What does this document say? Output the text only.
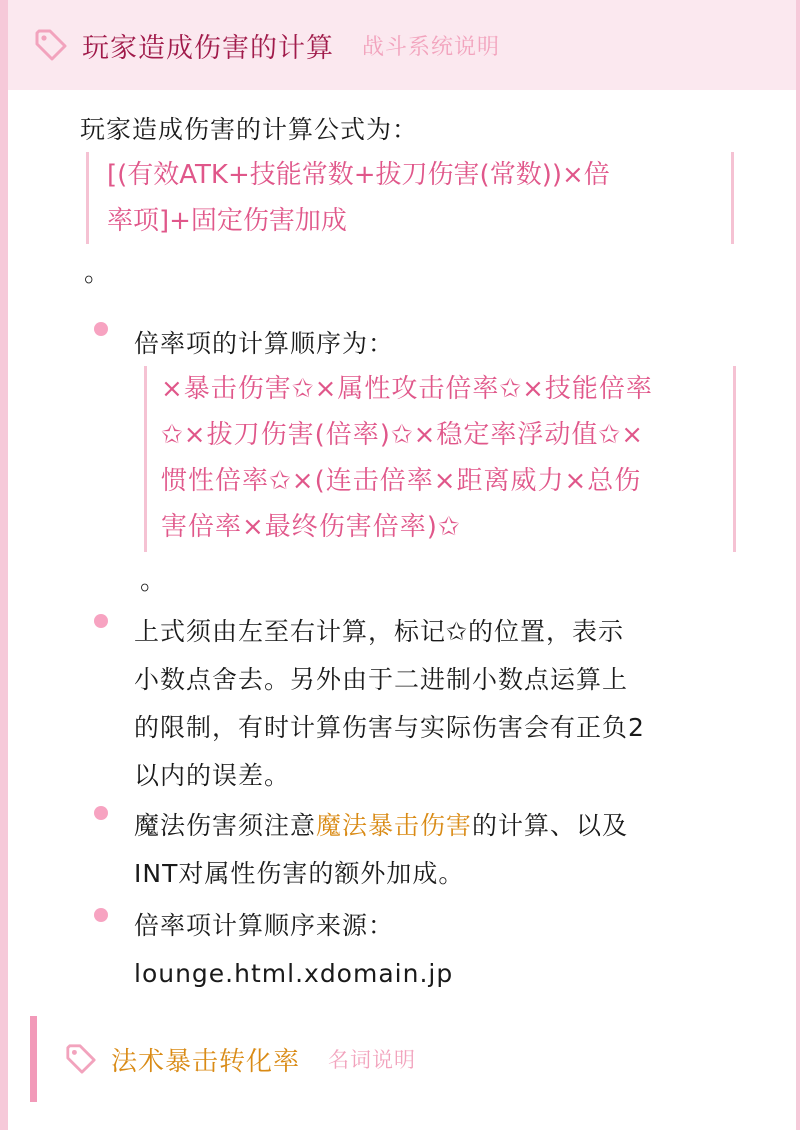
玩家造成伤害的计算 战斗系统说明
玩家造成伤害的计算公式为：
[(有效ATK+技能常数+拔刀伤害(常数))×倍
率项]+固定伤害加成
。
倍率项的计算顺序为：
×暴击伤害✩×属性攻击倍率✩×技能倍率
✩×拔刀伤害(倍率)✩×稳定率浮动值✩×
惯性倍率✩×(连击倍率×距离威力×总伤
害倍率×最终伤害倍率)✩
。
上式须由左至右计算，标记✩的位置，表示
小数点舍去。另外由于二进制小数点运算上
的限制，有时计算伤害与实际伤害会有正负2
以内的误差。
魔法伤害须注意魔法暴击伤害的计算、以及
INT对属性伤害的额外加成。
倍率项计算顺序来源：
lounge.html.xdomain.jp
法术暴击转化率 名词说明
